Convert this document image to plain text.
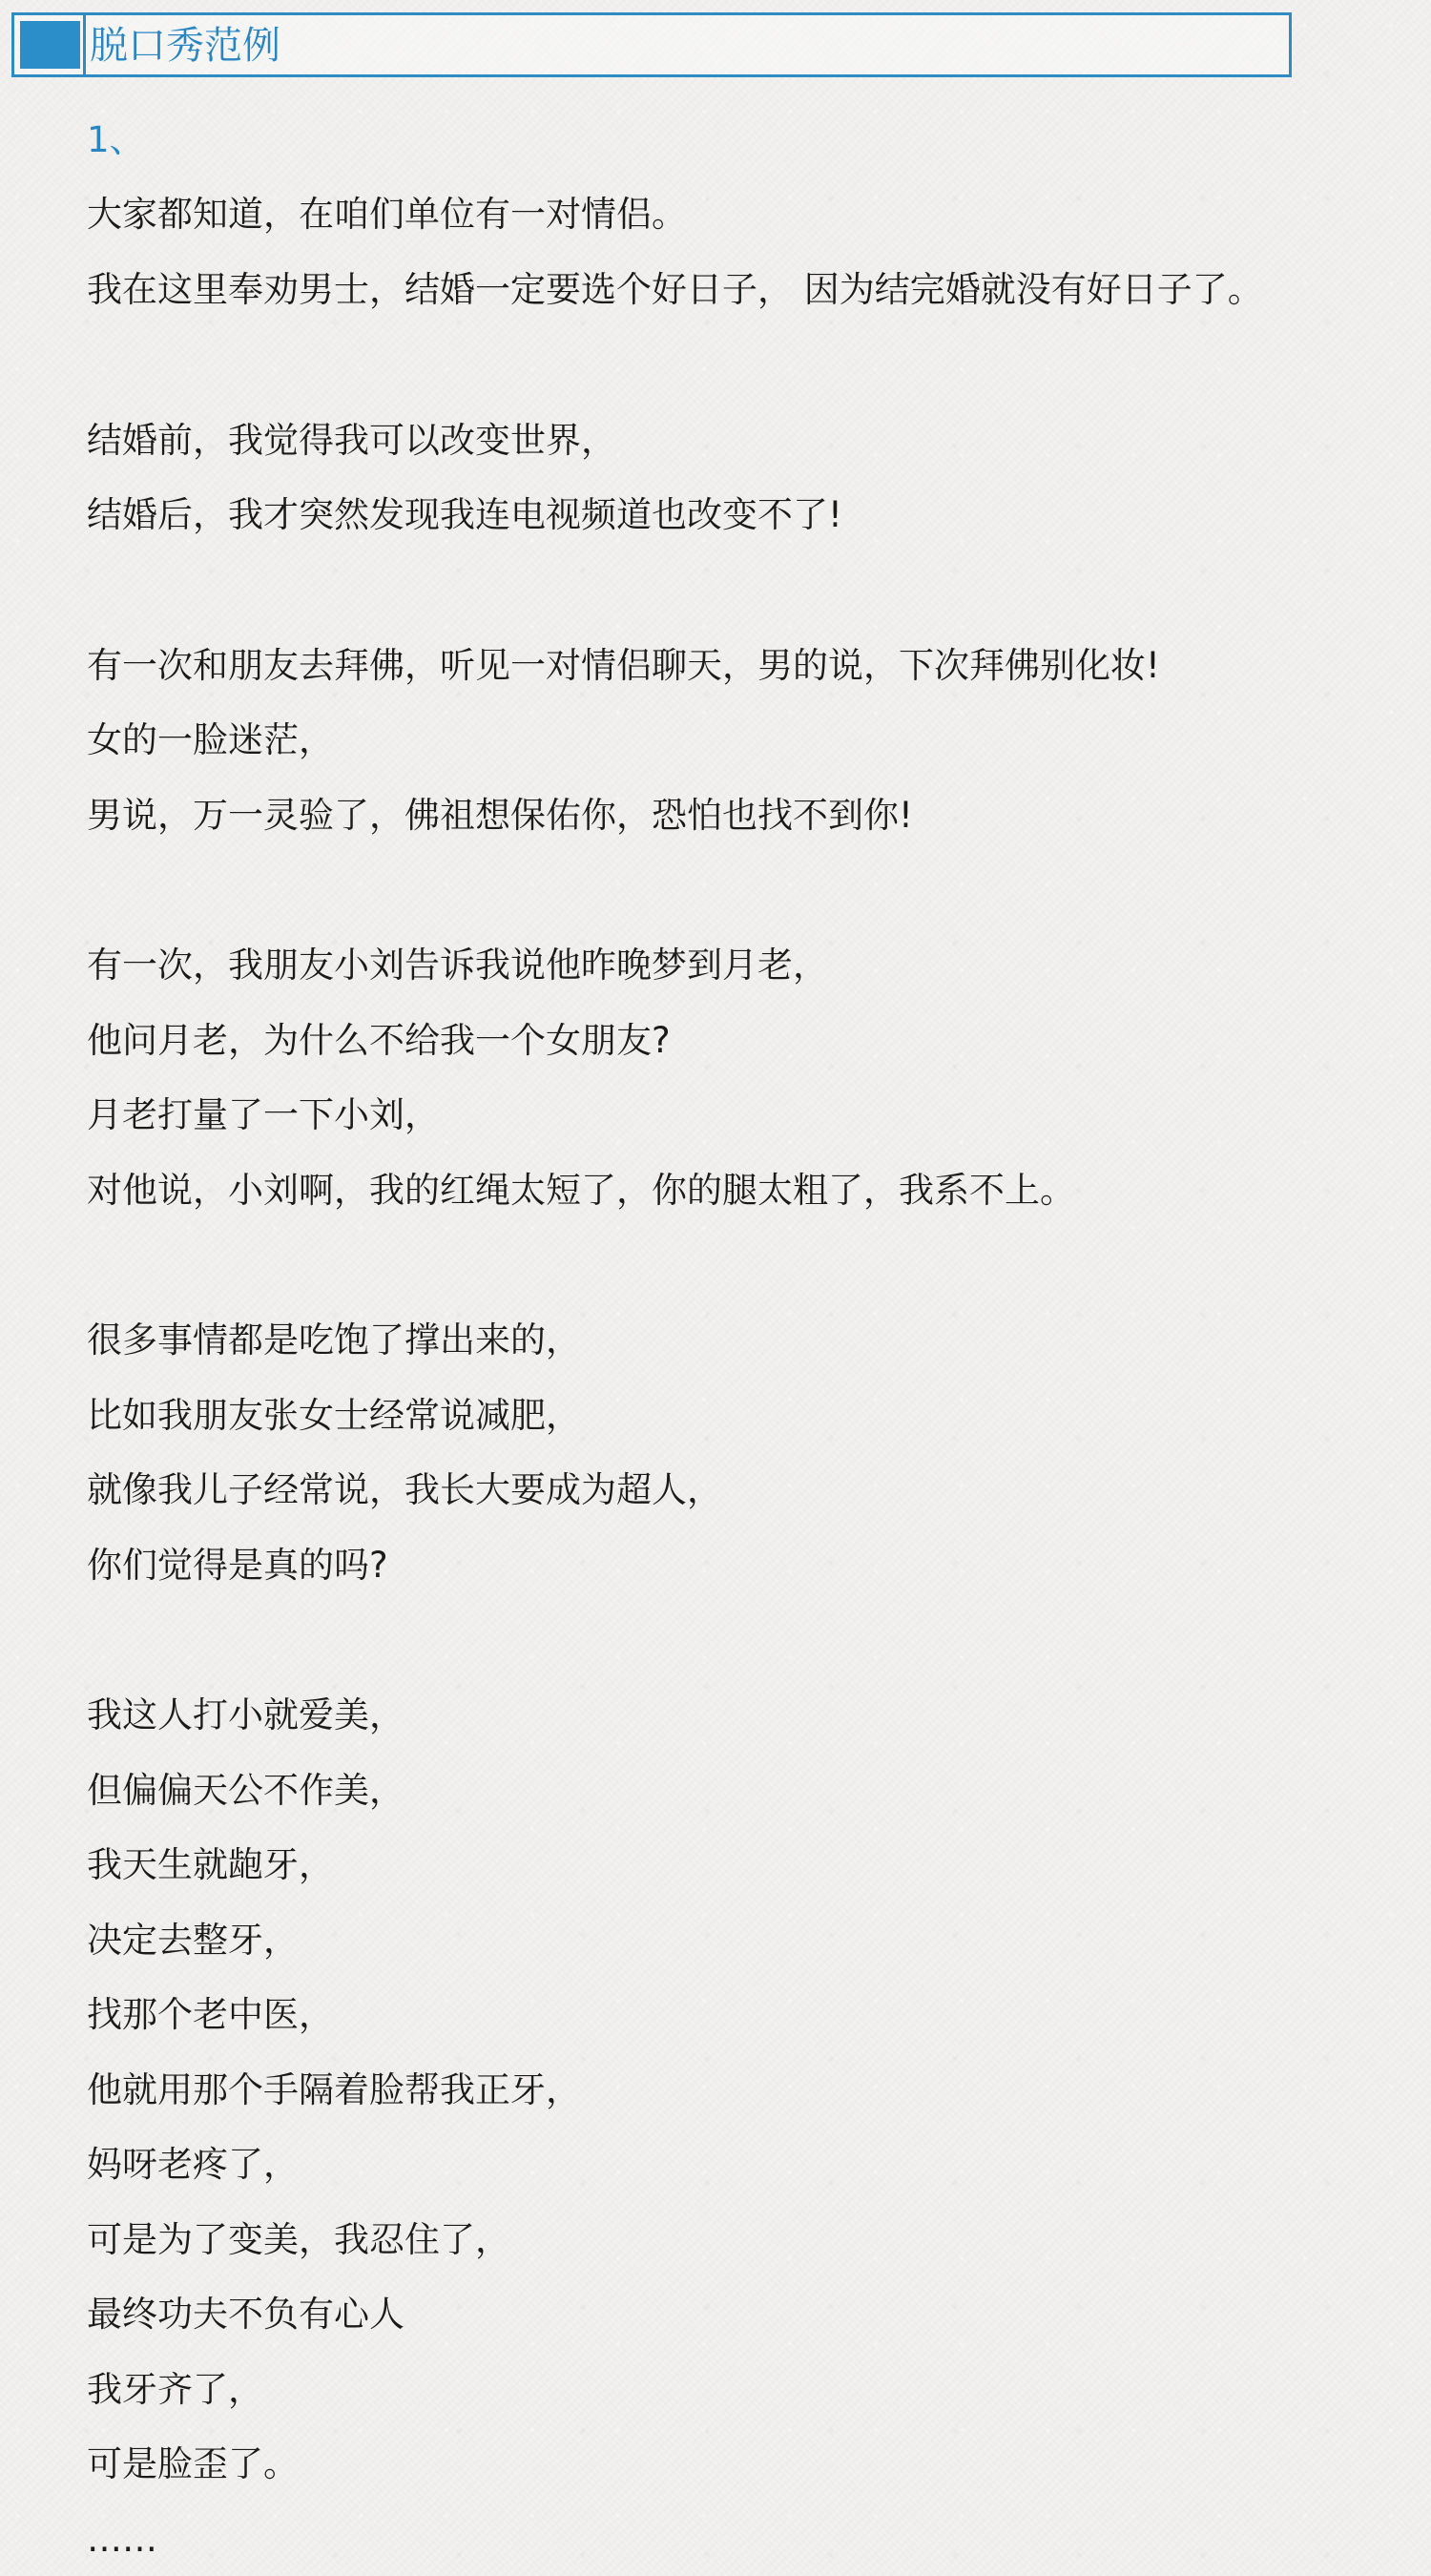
脱口秀范例
1、
大家都知道，在咱们单位有一对情侣。
我在这里奉劝男士，结婚一定要选个好日子， 因为结完婚就没有好日子了。
结婚前，我觉得我可以改变世界，
结婚后，我才突然发现我连电视频道也改变不了!
有一次和朋友去拜佛，听见一对情侣聊天，男的说，下次拜佛别化妆!
女的一脸迷茫，
男说，万一灵验了，佛祖想保佑你，恐怕也找不到你!
有一次，我朋友小刘告诉我说他昨晚梦到月老，
他问月老，为什么不给我一个女朋友?
月老打量了一下小刘，
对他说，小刘啊，我的红绳太短了，你的腿太粗了，我系不上。
很多事情都是吃饱了撑出来的，
比如我朋友张女士经常说减肥，
就像我儿子经常说，我长大要成为超人，
你们觉得是真的吗?
我这人打小就爱美，
但偏偏天公不作美，
我天生就龅牙，
决定去整牙，
找那个老中医，
他就用那个手隔着脸帮我正牙，
妈呀老疼了，
可是为了变美，我忍住了，
最终功夫不负有心人
我牙齐了，
可是脸歪了。
……
